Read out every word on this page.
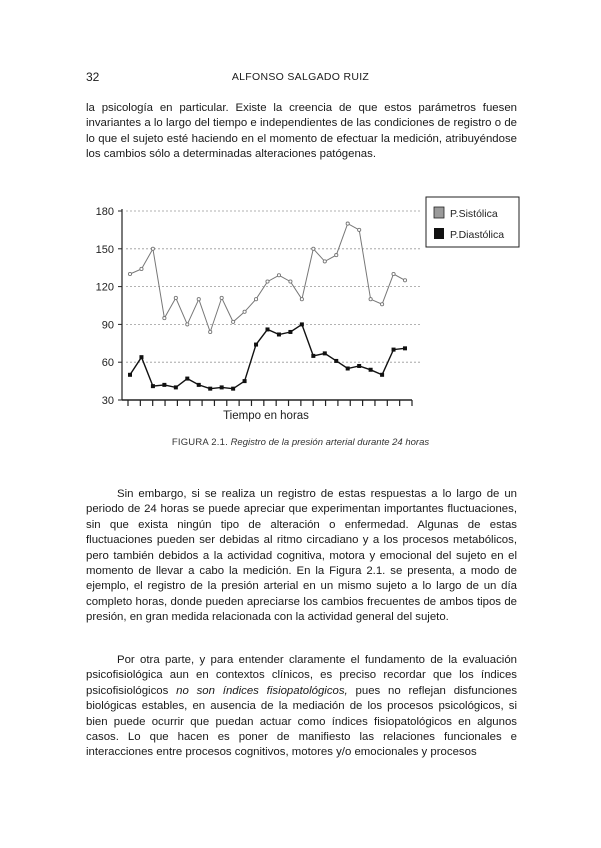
32	ALFONSO SALGADO RUIZ

la psicología en particular. Existe la creencia de que estos parámetros fuesen invariantes a lo largo del tiempo e independientes de las condiciones de registro o de lo que el sujeto esté haciendo en el momento de efectuar la medición, atribuyéndose los cambios sólo a determinadas alteraciones patógenas.

30
60
90
120
150
180
Tiempo en horas
P.Sistólica
P.Diastólica
FIGURA 2.1. Registro de la presión arterial durante 24 horas

Sin embargo, si se realiza un registro de estas respuestas a lo largo de un periodo de 24 horas se puede apreciar que experimentan importantes fluctuaciones, sin que exista ningún tipo de alteración o enfermedad. Algunas de estas fluctuaciones pueden ser debidas al ritmo circadiano y a los procesos metabólicos, pero también debidos a la actividad cognitiva, motora y emocional del sujeto en el momento de llevar a cabo la medición. En la Figura 2.1. se presenta, a modo de ejemplo, el registro de la presión arterial en un mismo sujeto a lo largo de un día completo horas, donde pueden apreciarse los cambios frecuentes de ambos tipos de presión, en gran medida relacionada con la actividad general del sujeto.

Por otra parte, y para entender claramente el fundamento de la evaluación psicofisiológica aun en contextos clínicos, es preciso recordar que los índices psicofisiológicos no son índices fisiopatológicos, pues no reflejan disfunciones biológicas estables, en ausencia de la mediación de los procesos psicológicos, si bien puede ocurrir que puedan actuar como índices fisiopatológicos en algunos casos. Lo que hacen es poner de manifiesto las relaciones funcionales e interacciones entre procesos cognitivos, motores y/o emocionales y procesos
